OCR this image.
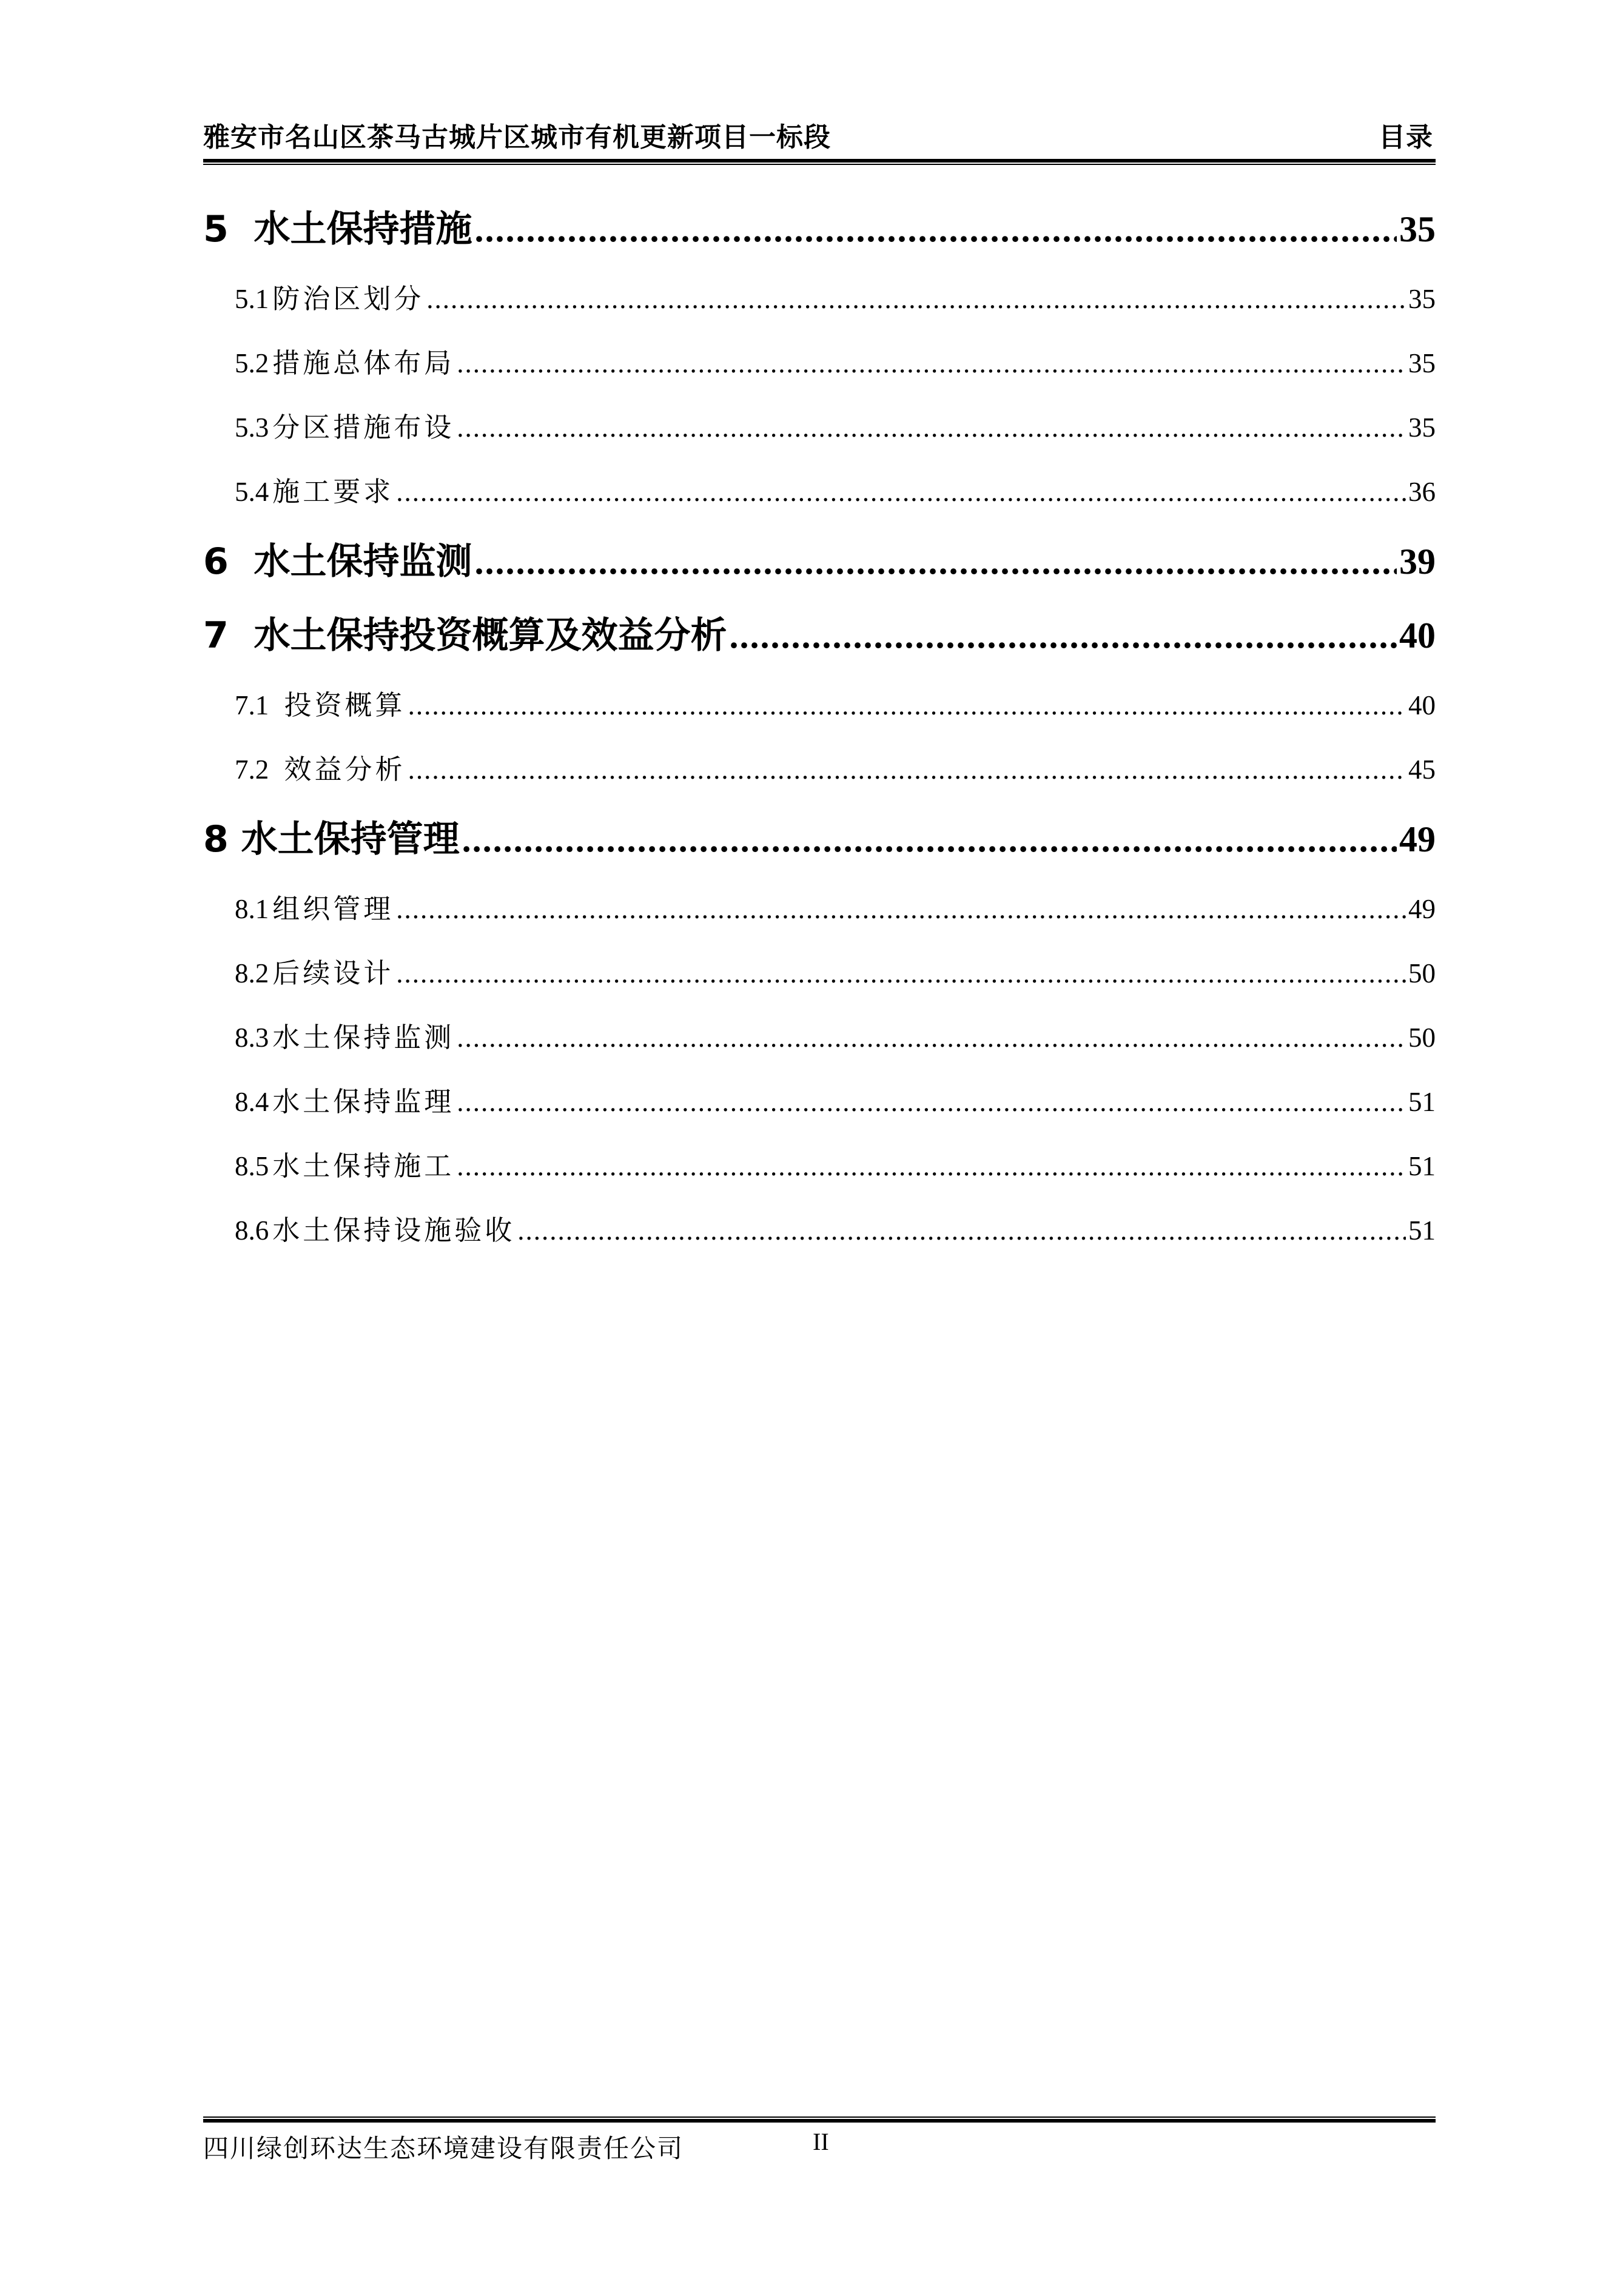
雅安市名山区茶马古城片区城市有机更新项目一标段	目录
5 水土保持措施 .....	35
5.1 防治区划分 .....	35
5.2 措施总体布局 .....	35
5.3 分区措施布设 .....	35
5.4 施工要求 .....	36
6 水土保持监测 .....	39
7 水土保持投资概算及效益分析 .....	40
7.1 投资概算 .....	40
7.2 效益分析 .....	45
8 水土保持管理 .....	49
8.1 组织管理 .....	49
8.2 后续设计 .....	50
8.3 水土保持监测 .....	50
8.4 水土保持监理 .....	51
8.5 水土保持施工 .....	51
8.6 水土保持设施验收 .....	51
四川绿创环达生态环境建设有限责任公司	II
